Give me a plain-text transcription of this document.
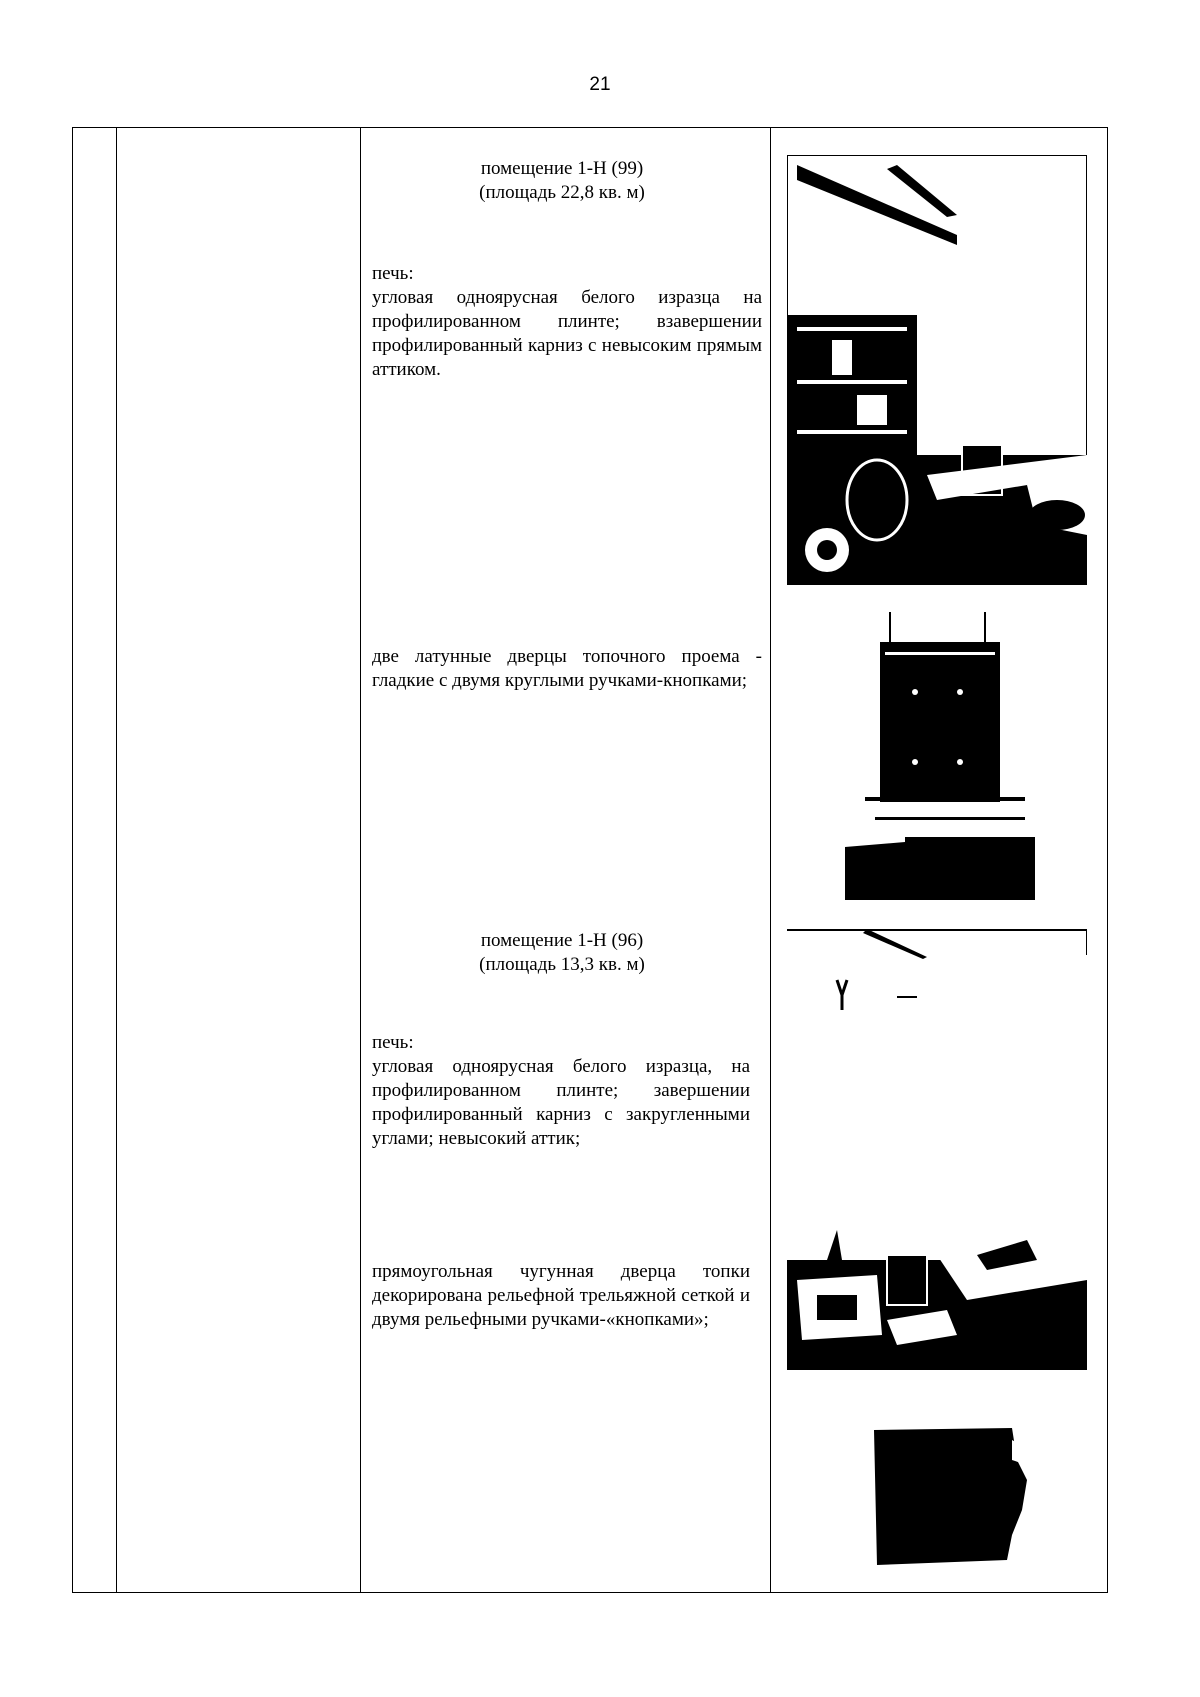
21
помещение 1-Н (99)
(площадь 22,8 кв. м)
печь:
угловая одноярусная белого изразца на профилированном плинте; взавершении профилированный карниз с невысоким прямым аттиком.
две латунные дверцы топочного проема - гладкие с двумя круглыми ручками-кнопками;
помещение 1-Н (96)
(площадь 13,3 кв. м)
печь:
угловая одноярусная белого изразца, на профилированном плинте; завершении профилированный карниз с закругленными углами; невысокий аттик;
прямоугольная чугунная дверца топки декорирована рельефной трельяжной сеткой и двумя рельефными ручками-«кнопками»;
